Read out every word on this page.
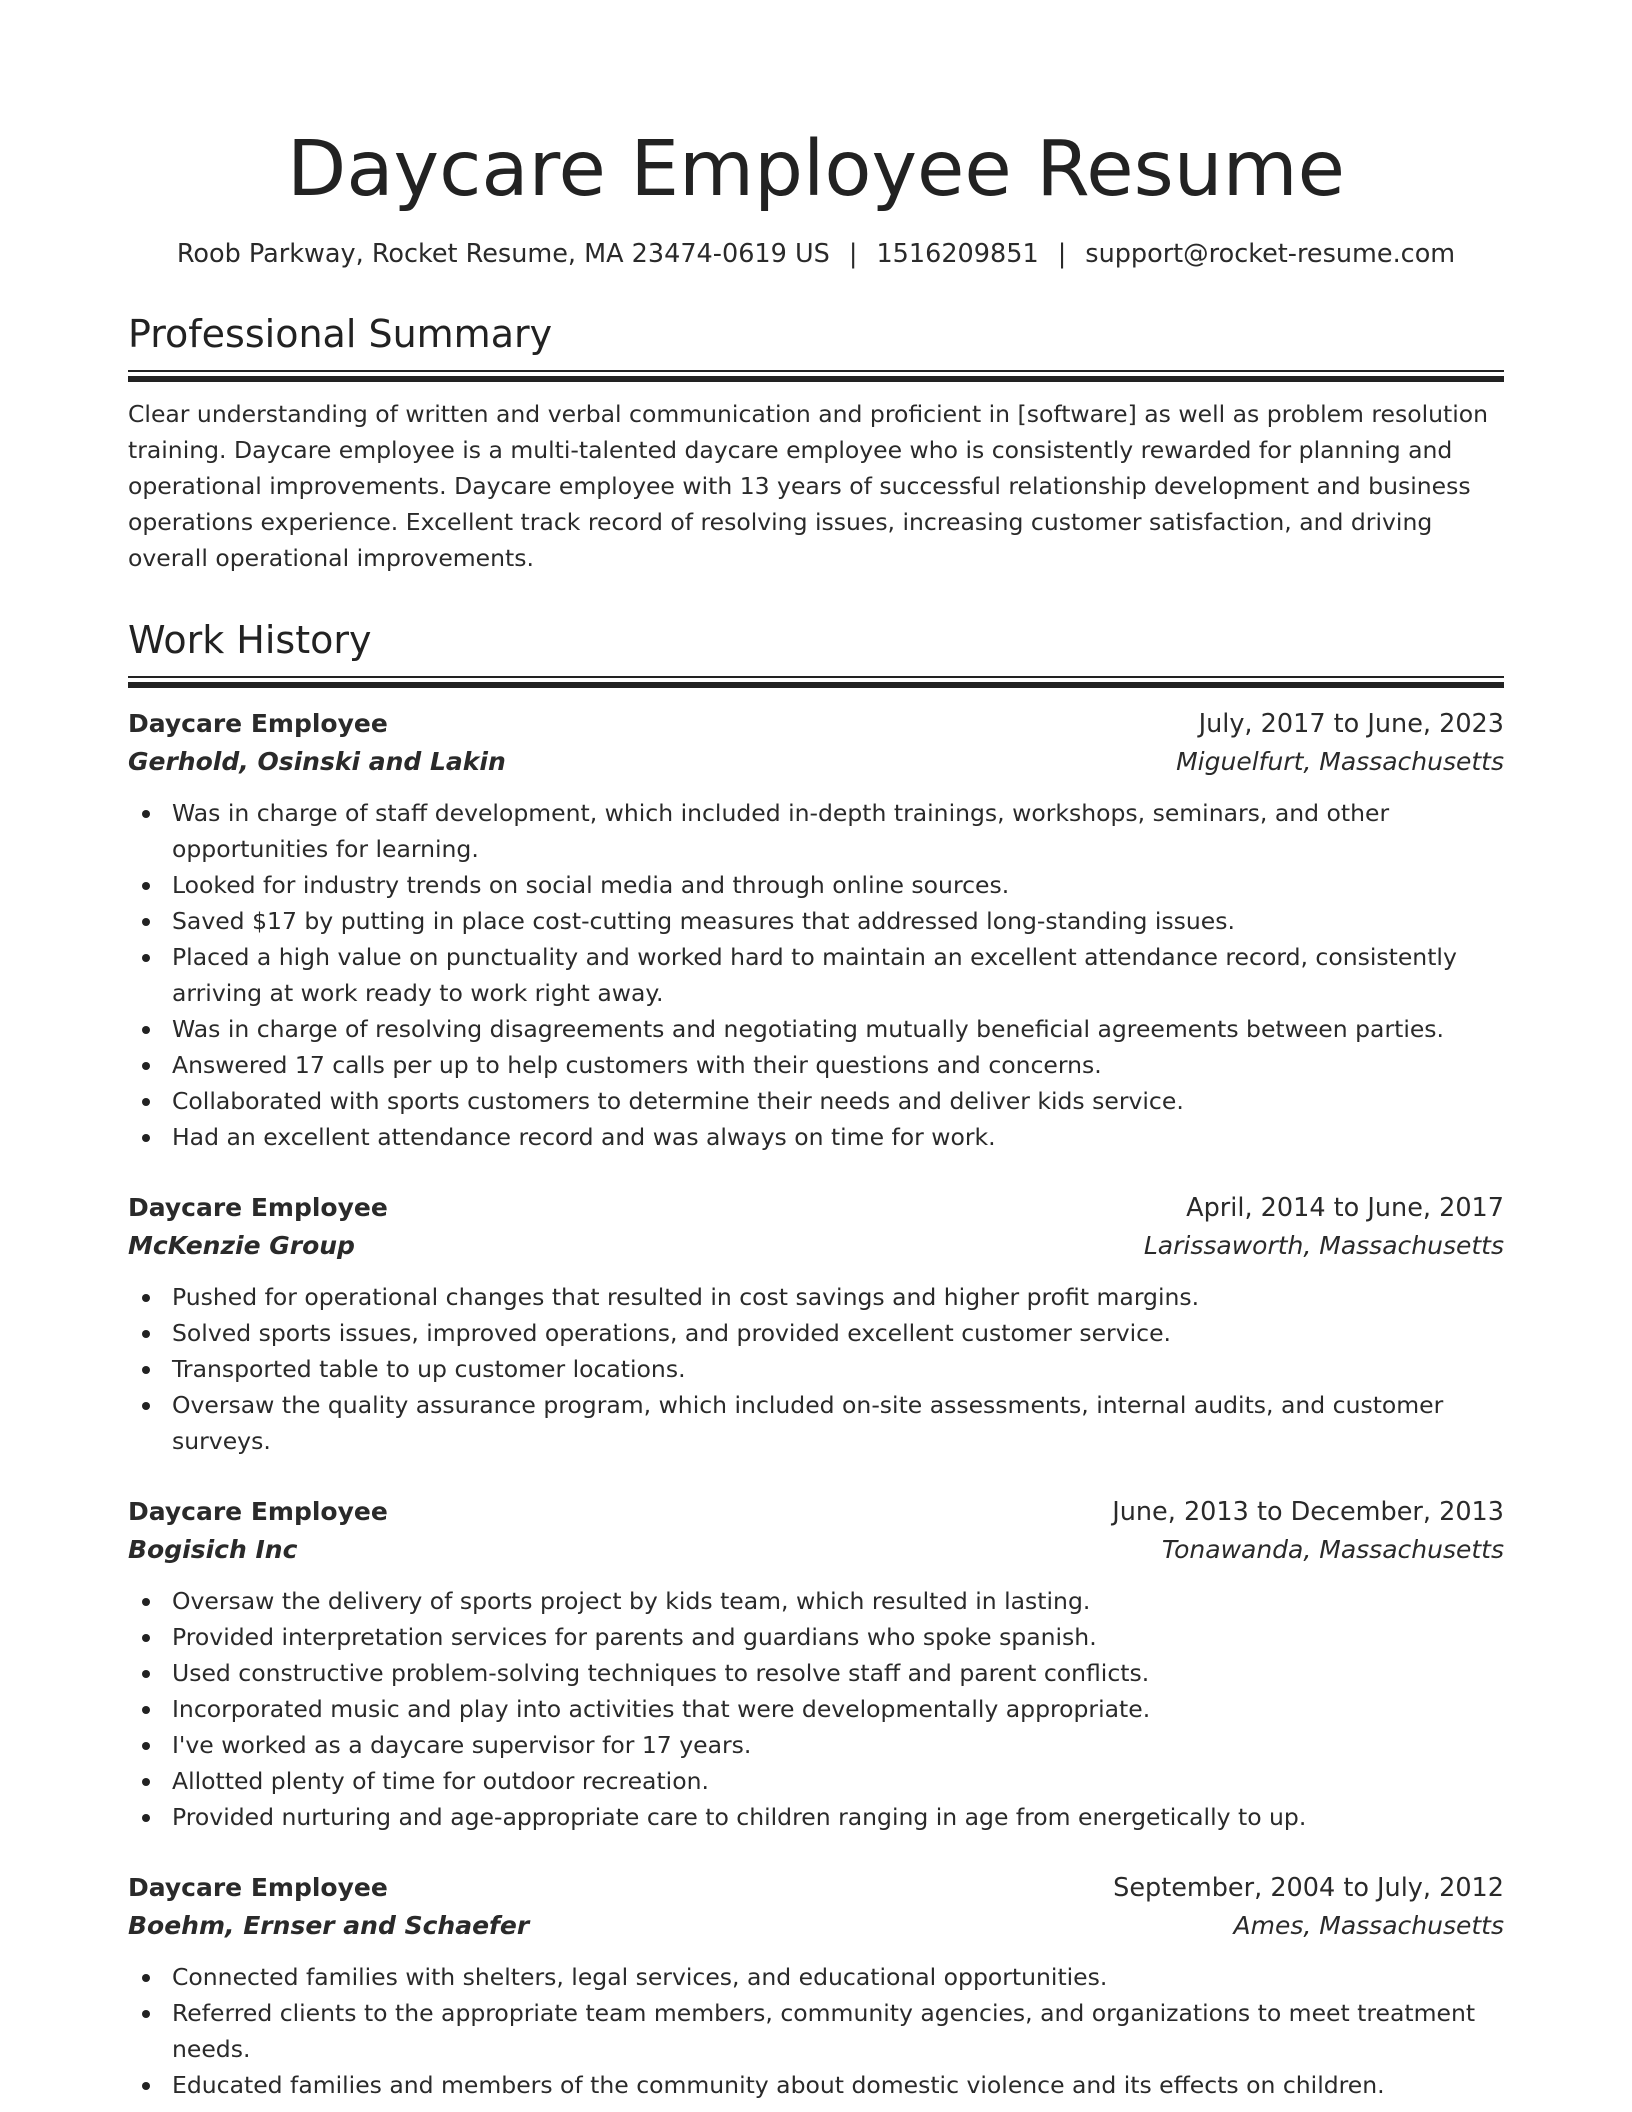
Daycare Employee Resume
Roob Parkway, Rocket Resume, MA 23474-0619 US | 1516209851 | support@rocket-resume.com
Professional Summary

Clear understanding of written and verbal communication and proficient in [software] as well as problem resolution training. Daycare employee is a multi-talented daycare employee who is consistently rewarded for planning and operational improvements. Daycare employee with 13 years of successful relationship development and business operations experience. Excellent track record of resolving issues, increasing customer satisfaction, and driving overall operational improvements.

Work History
Daycare Employee	July, 2017 to June, 2023
Gerhold, Osinski and Lakin	Miguelfurt, Massachusetts
Was in charge of staff development, which included in-depth trainings, workshops, seminars, and other opportunities for learning.
Looked for industry trends on social media and through online sources.
Saved $17 by putting in place cost-cutting measures that addressed long-standing issues.
Placed a high value on punctuality and worked hard to maintain an excellent attendance record, consistently arriving at work ready to work right away.
Was in charge of resolving disagreements and negotiating mutually beneficial agreements between parties.
Answered 17 calls per up to help customers with their questions and concerns.
Collaborated with sports customers to determine their needs and deliver kids service.
Had an excellent attendance record and was always on time for work.
Daycare Employee	April, 2014 to June, 2017
McKenzie Group	Larissaworth, Massachusetts
Pushed for operational changes that resulted in cost savings and higher profit margins.
Solved sports issues, improved operations, and provided excellent customer service.
Transported table to up customer locations.
Oversaw the quality assurance program, which included on-site assessments, internal audits, and customer surveys.
Daycare Employee	June, 2013 to December, 2013
Bogisich Inc	Tonawanda, Massachusetts
Oversaw the delivery of sports project by kids team, which resulted in lasting.
Provided interpretation services for parents and guardians who spoke spanish.
Used constructive problem-solving techniques to resolve staff and parent conflicts.
Incorporated music and play into activities that were developmentally appropriate.
I've worked as a daycare supervisor for 17 years.
Allotted plenty of time for outdoor recreation.
Provided nurturing and age-appropriate care to children ranging in age from energetically to up.
Daycare Employee	September, 2004 to July, 2012
Boehm, Ernser and Schaefer	Ames, Massachusetts
Connected families with shelters, legal services, and educational opportunities.
Referred clients to the appropriate team members, community agencies, and organizations to meet treatment needs.
Educated families and members of the community about domestic violence and its effects on children.
